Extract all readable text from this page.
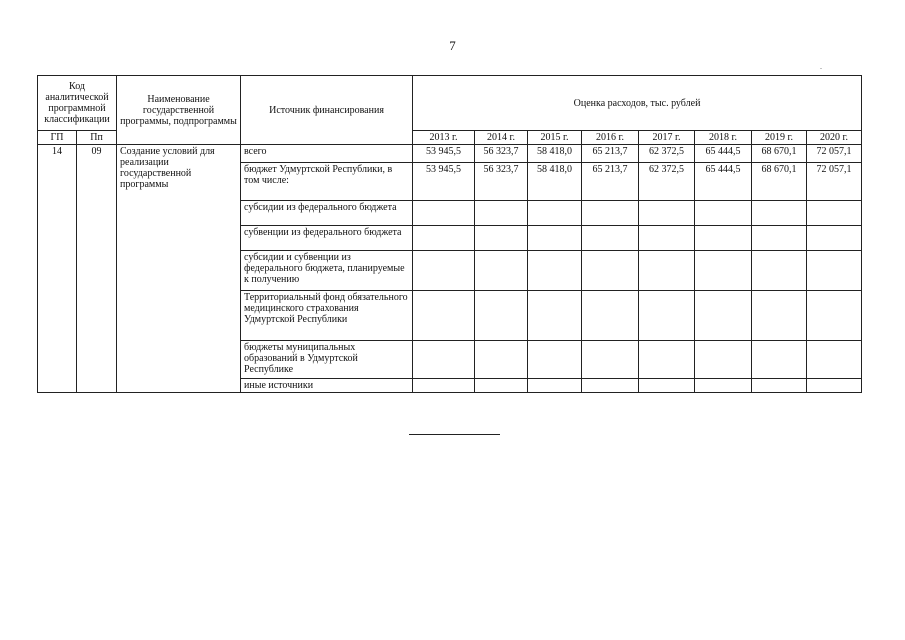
7
.
Код аналитической программной классификации		Наименование государственной программы, подпрограммы	Источник финансирования	Оценка расходов, тыс. рублей							
ГП	Пп			2013 г.	2014 г.	2015 г.	2016 г.	2017 г.	2018 г.	2019 г.	2020 г.
14	09	Создание условий для реализации государственной программы	всего	53 945,5	56 323,7	58 418,0	65 213,7	62 372,5	65 444,5	68 670,1	72 057,1
			бюджет Удмуртской Республики, в том числе:	53 945,5	56 323,7	58 418,0	65 213,7	62 372,5	65 444,5	68 670,1	72 057,1
			субсидии из федерального бюджета								
			субвенции из федерального бюджета								
			субсидии и субвенции из федерального бюджета, планируемые к получению								
			Территориальный фонд обязательного медицинского страхования Удмуртской Республики								
			бюджеты муниципальных образований в Удмуртской Республике								
			иные источники								
